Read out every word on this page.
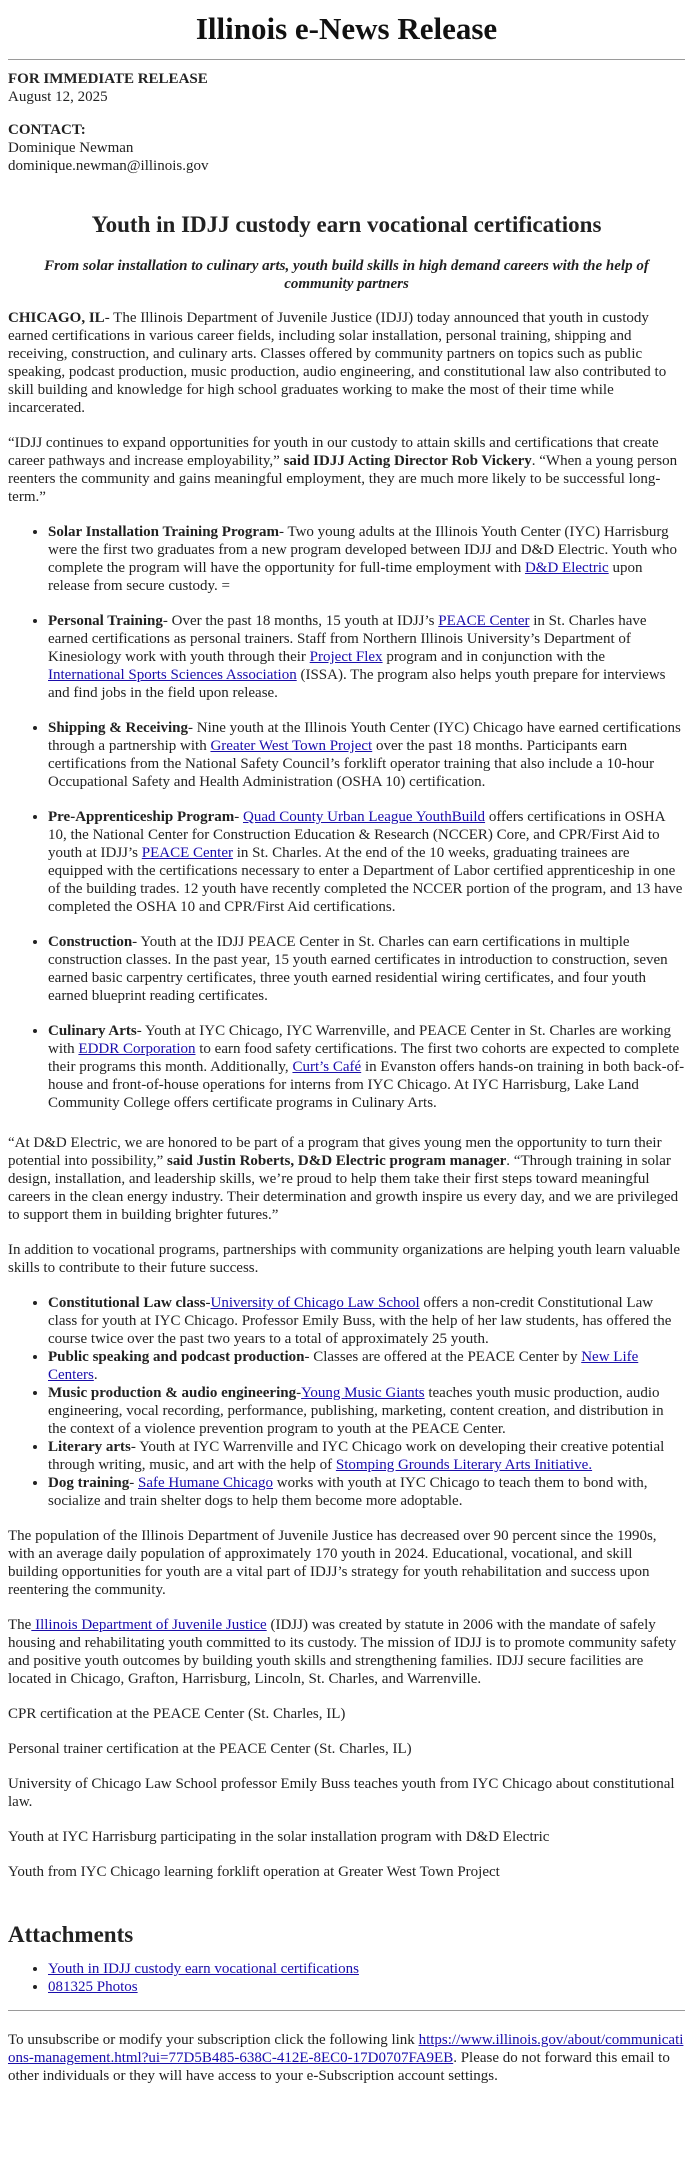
Illinois e-News Release
FOR IMMEDIATE RELEASE
August 12, 2025
CONTACT:
Dominique Newman
dominique.newman@illinois.gov
Youth in IDJJ custody earn vocational certifications
From solar installation to culinary arts, youth build skills in high demand careers with the help of community partners

CHICAGO, IL- The Illinois Department of Juvenile Justice (IDJJ) today announced that youth in custody earned certifications in various career fields, including solar installation, personal training, shipping and receiving, construction, and culinary arts. Classes offered by community partners on topics such as public speaking, podcast production, music production, audio engineering, and constitutional law also contributed to skill building and knowledge for high school graduates working to make the most of their time while incarcerated.

“IDJJ continues to expand opportunities for youth in our custody to attain skills and certifications that create career pathways and increase employability,” said IDJJ Acting Director Rob Vickery. “When a young person reenters the community and gains meaningful employment, they are much more likely to be successful long-term.”

• Solar Installation Training Program- Two young adults at the Illinois Youth Center (IYC) Harrisburg were the first two graduates from a new program developed between IDJJ and D&D Electric. Youth who complete the program will have the opportunity for full-time employment with D&D Electric upon release from secure custody. =
• Personal Training- Over the past 18 months, 15 youth at IDJJ’s PEACE Center in St. Charles have earned certifications as personal trainers. Staff from Northern Illinois University’s Department of Kinesiology work with youth through their Project Flex program and in conjunction with the International Sports Sciences Association (ISSA). The program also helps youth prepare for interviews and find jobs in the field upon release.
• Shipping & Receiving- Nine youth at the Illinois Youth Center (IYC) Chicago have earned certifications through a partnership with Greater West Town Project over the past 18 months. Participants earn certifications from the National Safety Council’s forklift operator training that also include a 10-hour Occupational Safety and Health Administration (OSHA 10) certification.
• Pre-Apprenticeship Program- Quad County Urban League YouthBuild offers certifications in OSHA 10, the National Center for Construction Education & Research (NCCER) Core, and CPR/First Aid to youth at IDJJ’s PEACE Center in St. Charles. At the end of the 10 weeks, graduating trainees are equipped with the certifications necessary to enter a Department of Labor certified apprenticeship in one of the building trades. 12 youth have recently completed the NCCER portion of the program, and 13 have completed the OSHA 10 and CPR/First Aid certifications.
• Construction- Youth at the IDJJ PEACE Center in St. Charles can earn certifications in multiple construction classes. In the past year, 15 youth earned certificates in introduction to construction, seven earned basic carpentry certificates, three youth earned residential wiring certificates, and four youth earned blueprint reading certificates.
• Culinary Arts- Youth at IYC Chicago, IYC Warrenville, and PEACE Center in St. Charles are working with EDDR Corporation to earn food safety certifications. The first two cohorts are expected to complete their programs this month. Additionally, Curt’s Café in Evanston offers hands-on training in both back-of-house and front-of-house operations for interns from IYC Chicago. At IYC Harrisburg, Lake Land Community College offers certificate programs in Culinary Arts.

“At D&D Electric, we are honored to be part of a program that gives young men the opportunity to turn their potential into possibility,” said Justin Roberts, D&D Electric program manager. “Through training in solar design, installation, and leadership skills, we’re proud to help them take their first steps toward meaningful careers in the clean energy industry. Their determination and growth inspire us every day, and we are privileged to support them in building brighter futures.”

In addition to vocational programs, partnerships with community organizations are helping youth learn valuable skills to contribute to their future success.

• Constitutional Law class-University of Chicago Law School offers a non-credit Constitutional Law class for youth at IYC Chicago. Professor Emily Buss, with the help of her law students, has offered the course twice over the past two years to a total of approximately 25 youth.
• Public speaking and podcast production- Classes are offered at the PEACE Center by New Life Centers.
• Music production & audio engineering-Young Music Giants teaches youth music production, audio engineering, vocal recording, performance, publishing, marketing, content creation, and distribution in the context of a violence prevention program to youth at the PEACE Center.
• Literary arts- Youth at IYC Warrenville and IYC Chicago work on developing their creative potential through writing, music, and art with the help of Stomping Grounds Literary Arts Initiative.
• Dog training- Safe Humane Chicago works with youth at IYC Chicago to teach them to bond with, socialize and train shelter dogs to help them become more adoptable.

The population of the Illinois Department of Juvenile Justice has decreased over 90 percent since the 1990s, with an average daily population of approximately 170 youth in 2024. Educational, vocational, and skill building opportunities for youth are a vital part of IDJJ’s strategy for youth rehabilitation and success upon reentering the community.

The Illinois Department of Juvenile Justice (IDJJ) was created by statute in 2006 with the mandate of safely housing and rehabilitating youth committed to its custody. The mission of IDJJ is to promote community safety and positive youth outcomes by building youth skills and strengthening families. IDJJ secure facilities are located in Chicago, Grafton, Harrisburg, Lincoln, St. Charles, and Warrenville.

CPR certification at the PEACE Center (St. Charles, IL)

Personal trainer certification at the PEACE Center (St. Charles, IL)

University of Chicago Law School professor Emily Buss teaches youth from IYC Chicago about constitutional law.

Youth at IYC Harrisburg participating in the solar installation program with D&D Electric

Youth from IYC Chicago learning forklift operation at Greater West Town Project

Attachments
• Youth in IDJJ custody earn vocational certifications
• 081325 Photos
To unsubscribe or modify your subscription click the following link https://www.illinois.gov/about/communications-management.html?ui=77D5B485-638C-412E-8EC0-17D0707FA9EB. Please do not forward this email to other individuals or they will have access to your e-Subscription account settings.
